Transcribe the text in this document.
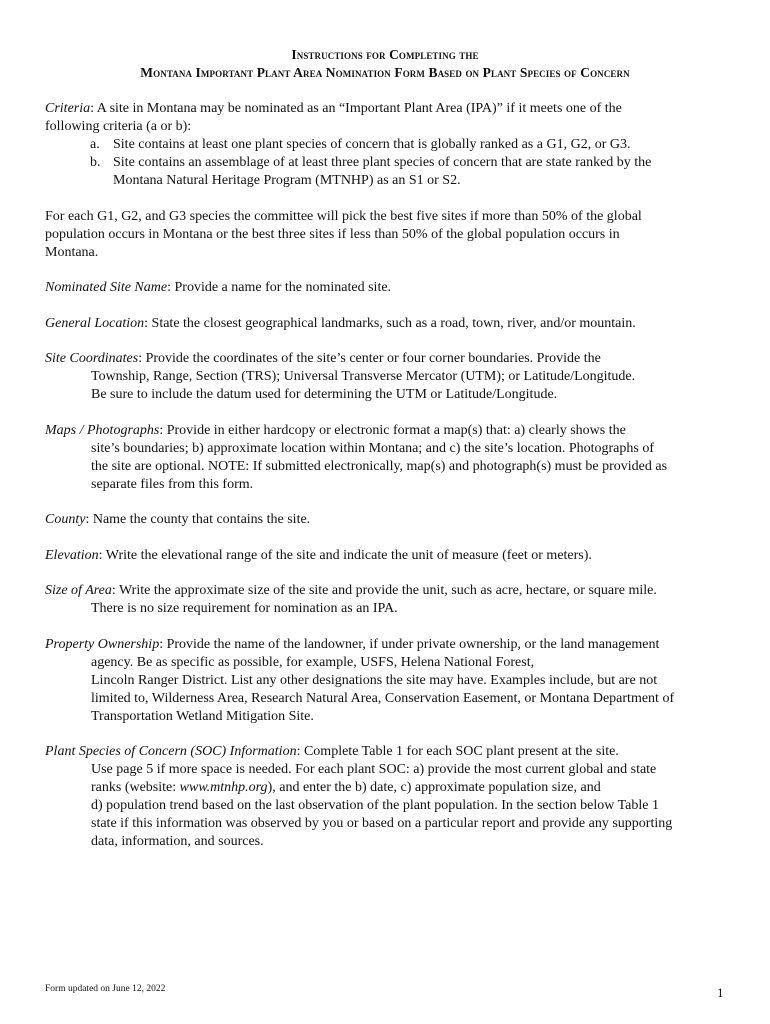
Instructions for Completing the
Montana Important Plant Area Nomination Form Based on Plant Species of Concern
Criteria: A site in Montana may be nominated as an “Important Plant Area (IPA)” if it meets one of the
following criteria (a or b):
a. Site contains at least one plant species of concern that is globally ranked as a G1, G2, or G3.
b. Site contains an assemblage of at least three plant species of concern that are state ranked by the
Montana Natural Heritage Program (MTNHP) as an S1 or S2.
For each G1, G2, and G3 species the committee will pick the best five sites if more than 50% of the global
population occurs in Montana or the best three sites if less than 50% of the global population occurs in
Montana.
Nominated Site Name: Provide a name for the nominated site.
General Location: State the closest geographical landmarks, such as a road, town, river, and/or mountain.
Site Coordinates: Provide the coordinates of the site’s center or four corner boundaries. Provide the
Township, Range, Section (TRS); Universal Transverse Mercator (UTM); or Latitude/Longitude.
Be sure to include the datum used for determining the UTM or Latitude/Longitude.
Maps / Photographs: Provide in either hardcopy or electronic format a map(s) that: a) clearly shows the
site’s boundaries; b) approximate location within Montana; and c) the site’s location. Photographs of
the site are optional. NOTE: If submitted electronically, map(s) and photograph(s) must be provided as
separate files from this form.
County: Name the county that contains the site.
Elevation: Write the elevational range of the site and indicate the unit of measure (feet or meters).
Size of Area: Write the approximate size of the site and provide the unit, such as acre, hectare, or square mile.
There is no size requirement for nomination as an IPA.
Property Ownership: Provide the name of the landowner, if under private ownership, or the land management
agency. Be as specific as possible, for example, USFS, Helena National Forest,
Lincoln Ranger District. List any other designations the site may have. Examples include, but are not
limited to, Wilderness Area, Research Natural Area, Conservation Easement, or Montana Department of
Transportation Wetland Mitigation Site.
Plant Species of Concern (SOC) Information: Complete Table 1 for each SOC plant present at the site.
Use page 5 if more space is needed. For each plant SOC: a) provide the most current global and state
ranks (website: www.mtnhp.org), and enter the b) date, c) approximate population size, and
d) population trend based on the last observation of the plant population. In the section below Table 1
state if this information was observed by you or based on a particular report and provide any supporting
data, information, and sources.
Form updated on June 12, 2022	1
